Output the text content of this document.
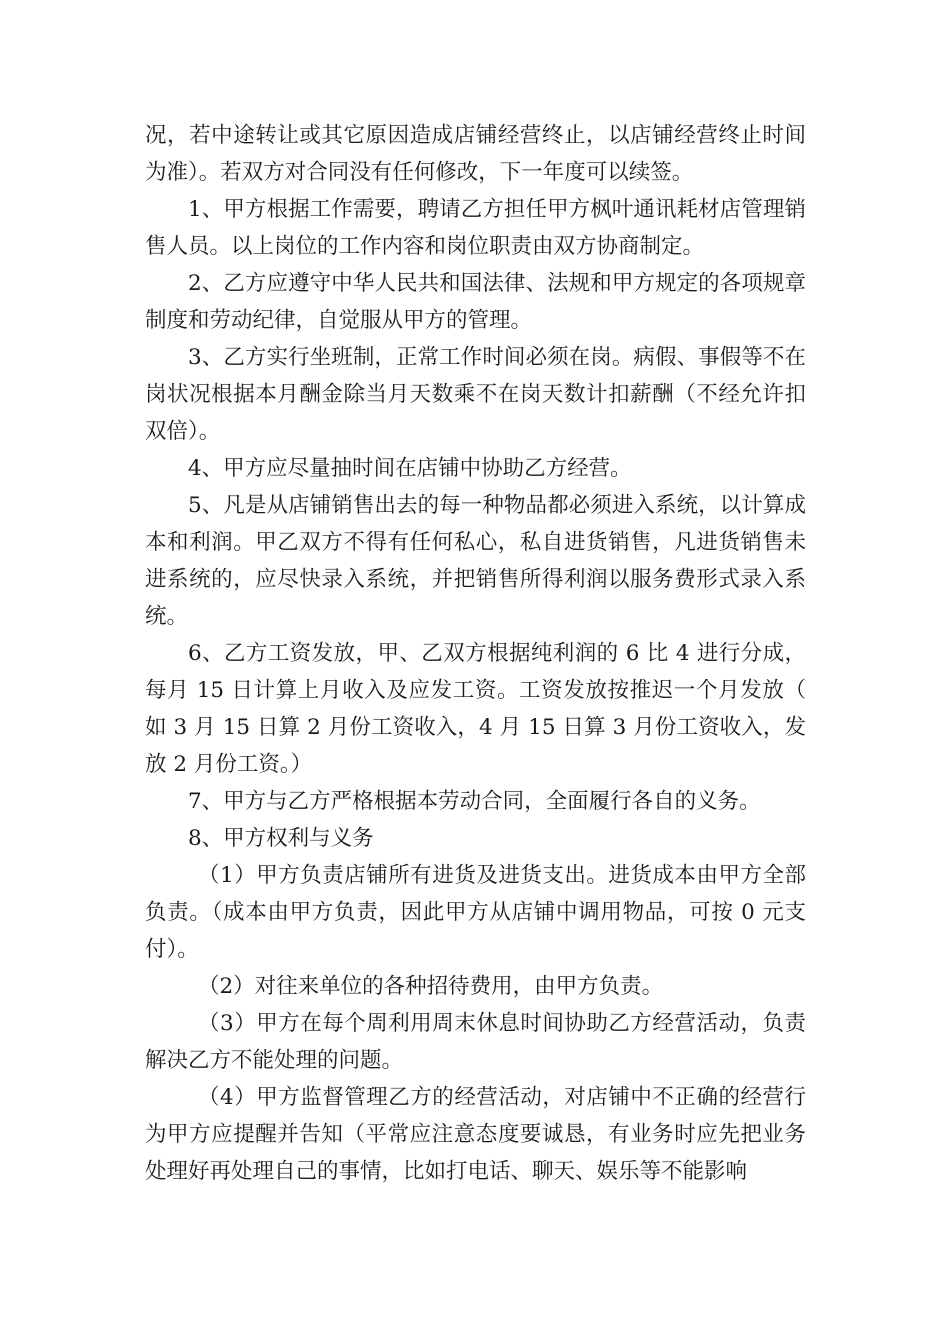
况，若中途转让或其它原因造成店铺经营终止，以店铺经营终止时间为准）。若双方对合同没有任何修改，下一年度可以续签。

1、甲方根据工作需要，聘请乙方担任甲方枫叶通讯耗材店管理销售人员。以上岗位的工作内容和岗位职责由双方协商制定。

2、乙方应遵守中华人民共和国法律、法规和甲方规定的各项规章制度和劳动纪律，自觉服从甲方的管理。

3、乙方实行坐班制，正常工作时间必须在岗。病假、事假等不在岗状况根据本月酬金除当月天数乘不在岗天数计扣薪酬（不经允许扣双倍）。

4、甲方应尽量抽时间在店铺中协助乙方经营。

5、凡是从店铺销售出去的每一种物品都必须进入系统，以计算成本和利润。甲乙双方不得有任何私心，私自进货销售，凡进货销售未进系统的，应尽快录入系统，并把销售所得利润以服务费形式录入系统。

6、乙方工资发放，甲、乙双方根据纯利润的 6 比 4 进行分成，每月 15 日计算上月收入及应发工资。工资发放按推迟一个月发放（如 3 月 15 日算 2 月份工资收入，4 月 15 日算 3 月份工资收入，发放 2 月份工资。）

7、甲方与乙方严格根据本劳动合同，全面履行各自的义务。

8、甲方权利与义务

（1）甲方负责店铺所有进货及进货支出。进货成本由甲方全部负责。（成本由甲方负责，因此甲方从店铺中调用物品，可按 0 元支付）。

（2）对往来单位的各种招待费用，由甲方负责。

（3）甲方在每个周利用周末休息时间协助乙方经营活动，负责解决乙方不能处理的问题。

（4）甲方监督管理乙方的经营活动，对店铺中不正确的经营行为甲方应提醒并告知（平常应注意态度要诚恳，有业务时应先把业务处理好再处理自己的事情，比如打电话、聊天、娱乐等不能影响
